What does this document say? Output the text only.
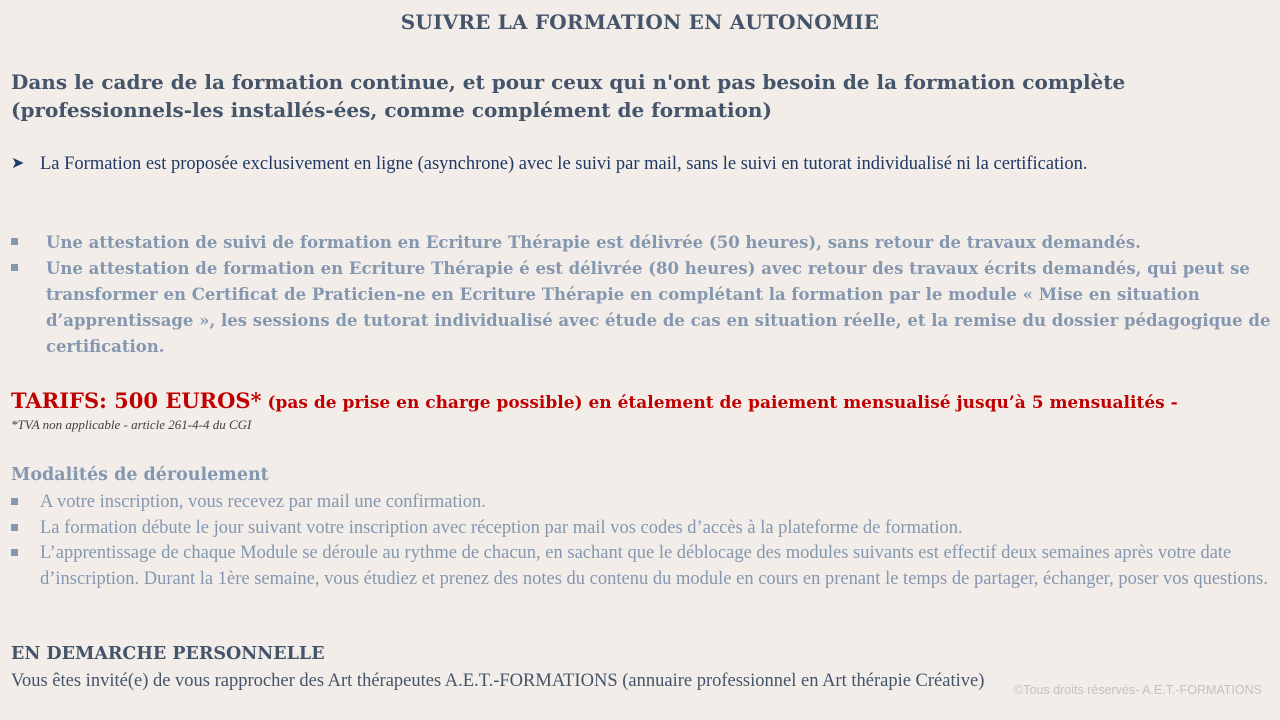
SUIVRE LA FORMATION EN AUTONOMIE
Dans le cadre de la formation continue, et pour ceux qui n'ont pas besoin de la formation complète
(professionnels-les installés-ées, comme complément de formation)
➤ La Formation est proposée exclusivement en ligne (asynchrone) avec le suivi par mail, sans le suivi en tutorat individualisé ni la certification.
Une attestation de suivi de formation en Ecriture Thérapie est délivrée (50 heures), sans retour de travaux demandés.
Une attestation de formation en Ecriture Thérapie é est délivrée (80 heures) avec retour des travaux écrits demandés, qui peut se transformer en Certificat de Praticien-ne en Ecriture Thérapie en complétant la formation par le module « Mise en situation d’apprentissage », les sessions de tutorat individualisé avec étude de cas en situation réelle, et la remise du dossier pédagogique de certification.
TARIFS: 500 EUROS* (pas de prise en charge possible) en étalement de paiement mensualisé jusqu’à 5 mensualités -
*TVA non applicable - article 261-4-4 du CGI
Modalités de déroulement
A votre inscription, vous recevez par mail une confirmation.
La formation débute le jour suivant votre inscription avec réception par mail vos codes d’accès à la plateforme de formation.
L’apprentissage de chaque Module se déroule au rythme de chacun, en sachant que le déblocage des modules suivants est effectif deux semaines après votre date d’inscription. Durant la 1ère semaine, vous étudiez et prenez des notes du contenu du module en cours en prenant le temps de partager, échanger, poser vos questions.
EN DEMARCHE PERSONNELLE
Vous êtes invité(e) de vous rapprocher des Art thérapeutes A.E.T.-FORMATIONS (annuaire professionnel en Art thérapie Créative)	©Tous droits réservés- A.E.T.-FORMATIONS
